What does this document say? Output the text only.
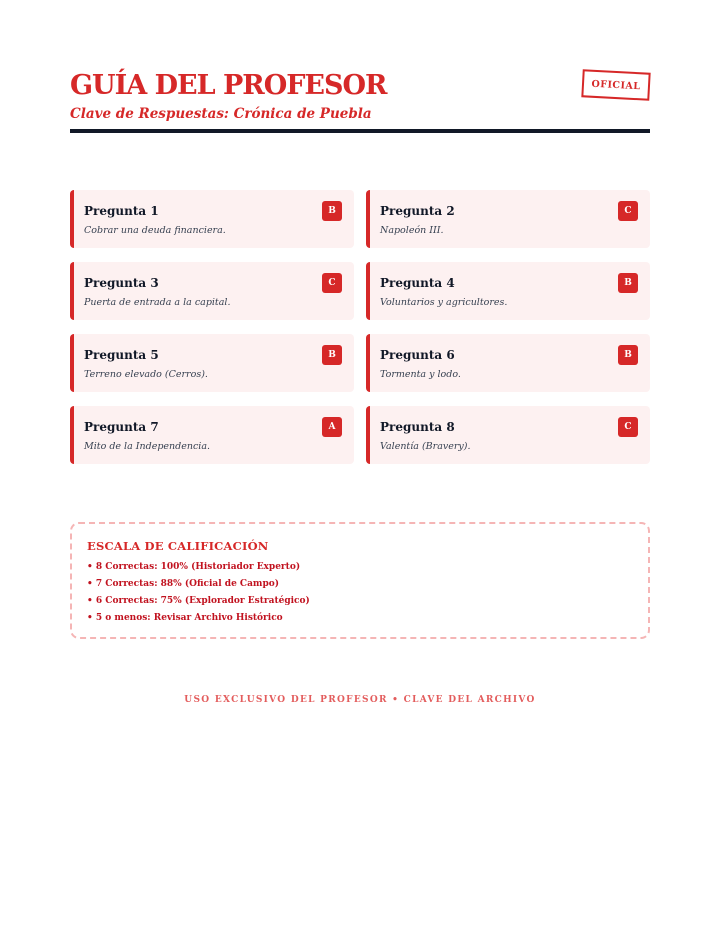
GUÍA DEL PROFESOR
Clave de Respuestas: Crónica de Puebla
OFICIAL
Pregunta 1	B
Cobrar una deuda financiera.
Pregunta 2	C
Napoleón III.
Pregunta 3	C
Puerta de entrada a la capital.
Pregunta 4	B
Voluntarios y agricultores.
Pregunta 5	B
Terreno elevado (Cerros).
Pregunta 6	B
Tormenta y lodo.
Pregunta 7	A
Mito de la Independencia.
Pregunta 8	C
Valentía (Bravery).
ESCALA DE CALIFICACIÓN
• 8 Correctas: 100% (Historiador Experto)
• 7 Correctas: 88% (Oficial de Campo)
• 6 Correctas: 75% (Explorador Estratégico)
• 5 o menos: Revisar Archivo Histórico
USO EXCLUSIVO DEL PROFESOR • CLAVE DEL ARCHIVO
